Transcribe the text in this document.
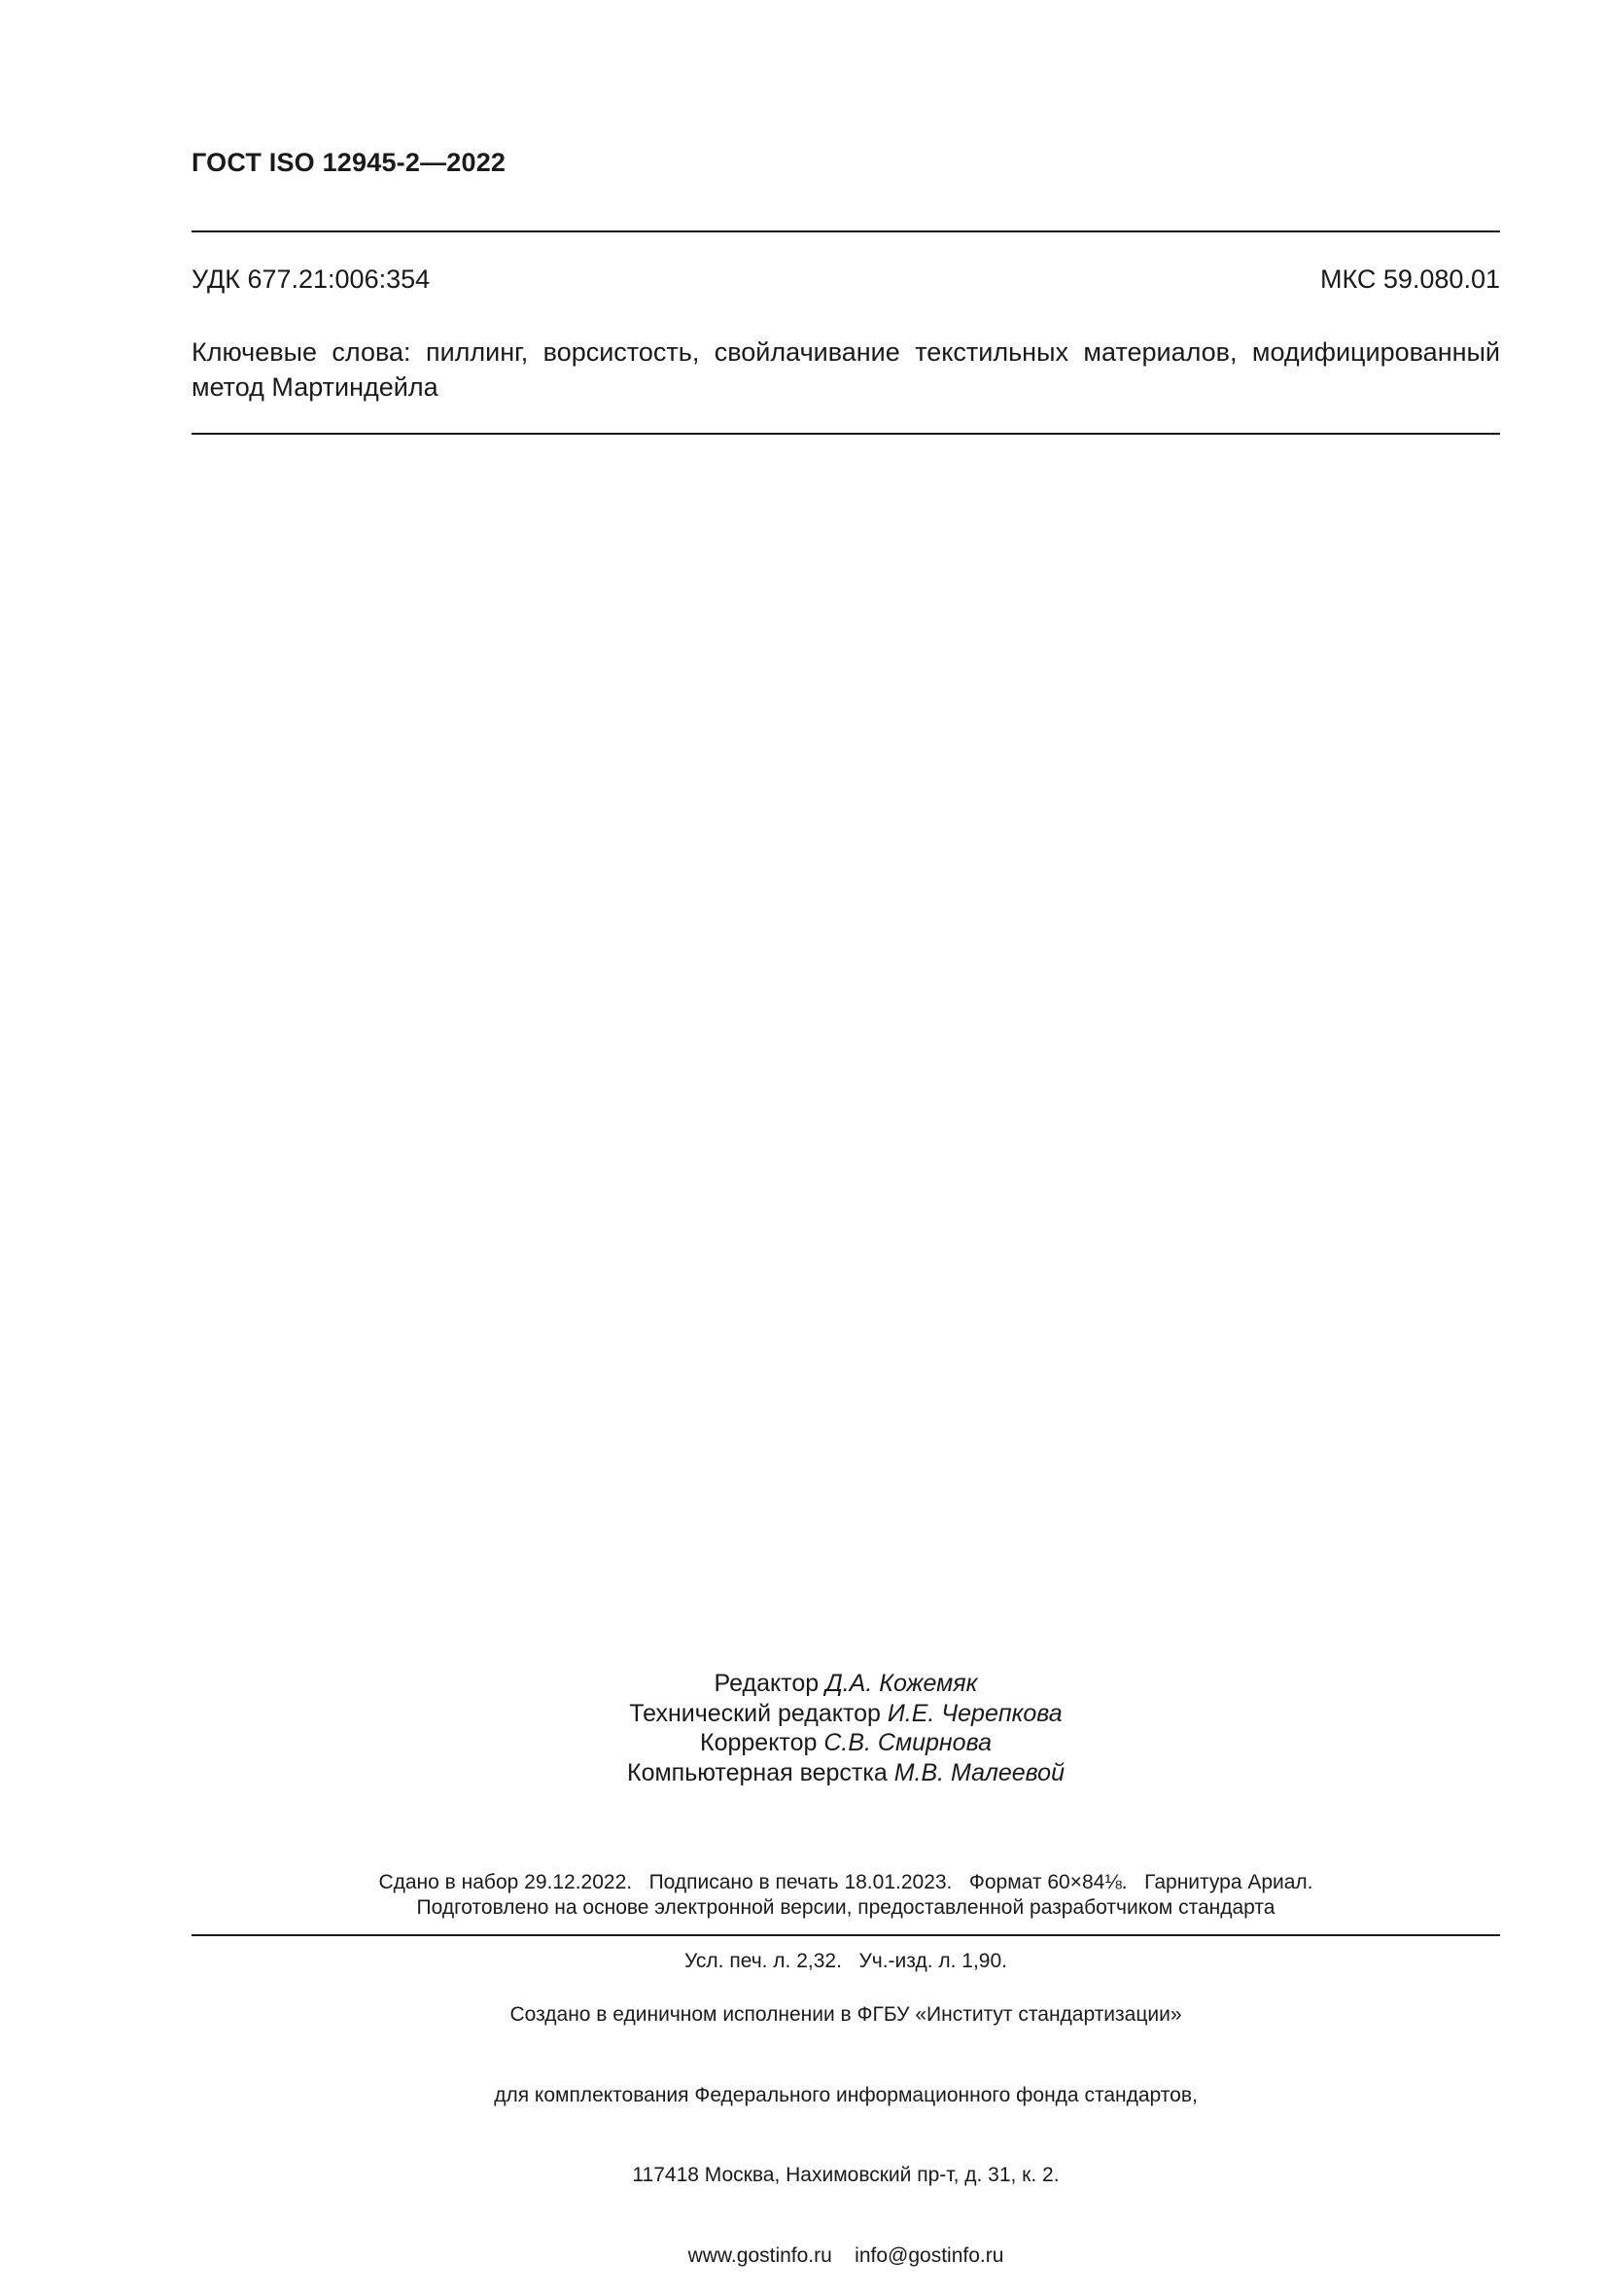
ГОСТ ISO 12945-2—2022
УДК 677.21:006:354	МКС 59.080.01
Ключевые слова: пиллинг, ворсистость, свойлачивание текстильных материалов, модифицированный метод Мартиндейла
Редактор Д.А. Кожемяк
Технический редактор И.Е. Черепкова
Корректор С.В. Смирнова
Компьютерная верстка М.В. Малеевой

Сдано в набор 29.12.2022.   Подписано в печать 18.01.2023.   Формат 60×84⅛.   Гарнитура Ариал.

Усл. печ. л. 2,32.   Уч.-изд. л. 1,90.

Подготовлено на основе электронной версии, предоставленной разработчиком стандарта

Создано в единичном исполнении в ФГБУ «Институт стандартизации»

для комплектования Федерального информационного фонда стандартов,

117418 Москва, Нахимовский пр-т, д. 31, к. 2.

www.gostinfo.ru    info@gostinfo.ru
